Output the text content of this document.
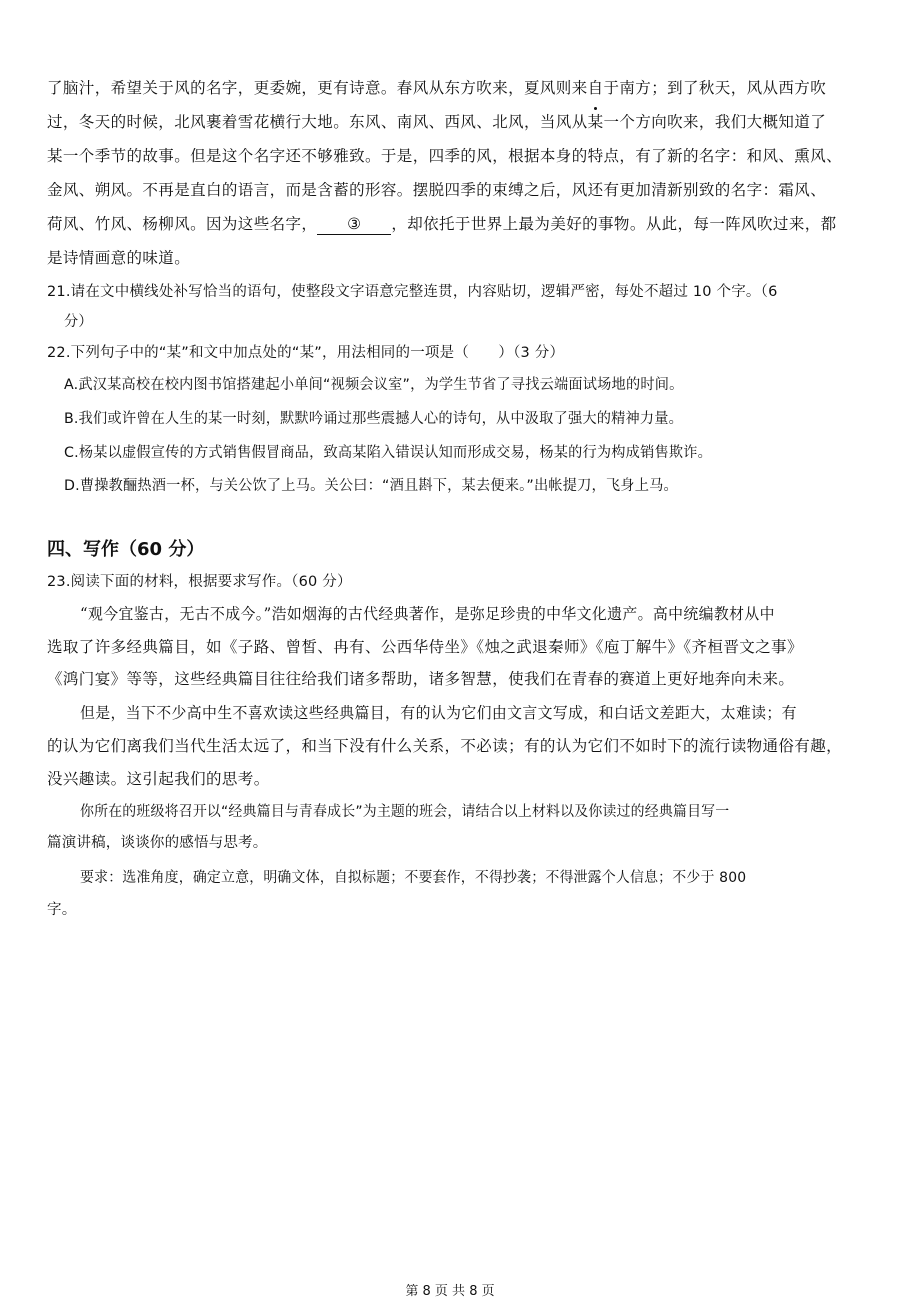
了脑汁，希望关于风的名字，更委婉，更有诗意。春风从东方吹来，夏风则来自于南方；到了秋天，风从西方吹
过，冬天的时候，北风裹着雪花横行大地。东风、南风、西风、北风，当风从某一个方向吹来，我们大概知道了
某一个季节的故事。但是这个名字还不够雅致。于是，四季的风，根据本身的特点，有了新的名字：和风、熏风、
金风、朔风。不再是直白的语言，而是含蓄的形容。摆脱四季的束缚之后，风还有更加清新别致的名字：霜风、
荷风、竹风、杨柳风。因为这些名字， ③ ，却依托于世界上最为美好的事物。从此，每一阵风吹过来，都
是诗情画意的味道。
21.请在文中横线处补写恰当的语句，使整段文字语意完整连贯，内容贴切，逻辑严密，每处不超过 10 个字。（6
分）
22.下列句子中的“某”和文中加点处的“某”，用法相同的一项是（　　）（3 分）
A.武汉某高校在校内图书馆搭建起小单间“视频会议室”，为学生节省了寻找云端面试场地的时间。
B.我们或许曾在人生的某一时刻，默默吟诵过那些震撼人心的诗句，从中汲取了强大的精神力量。
C.杨某以虚假宣传的方式销售假冒商品，致高某陷入错误认知而形成交易，杨某的行为构成销售欺诈。
D.曹操教酾热酒一杯，与关公饮了上马。关公曰：“酒且斟下，某去便来。”出帐提刀，飞身上马。
四、写作（60 分）
23.阅读下面的材料，根据要求写作。（60 分）
“观今宜鉴古，无古不成今。”浩如烟海的古代经典著作，是弥足珍贵的中华文化遗产。高中统编教材从中
选取了许多经典篇目，如《子路、曾皙、冉有、公西华侍坐》《烛之武退秦师》《庖丁解牛》《齐桓晋文之事》
《鸿门宴》等等，这些经典篇目往往给我们诸多帮助，诸多智慧，使我们在青春的赛道上更好地奔向未来。
但是，当下不少高中生不喜欢读这些经典篇目，有的认为它们由文言文写成，和白话文差距大，太难读；有
的认为它们离我们当代生活太远了，和当下没有什么关系，不必读；有的认为它们不如时下的流行读物通俗有趣，
没兴趣读。这引起我们的思考。
你所在的班级将召开以“经典篇目与青春成长”为主题的班会，请结合以上材料以及你读过的经典篇目写一
篇演讲稿，谈谈你的感悟与思考。
要求：选准角度，确定立意，明确文体，自拟标题；不要套作，不得抄袭；不得泄露个人信息；不少于 800
字。
第 8 页 共 8 页
